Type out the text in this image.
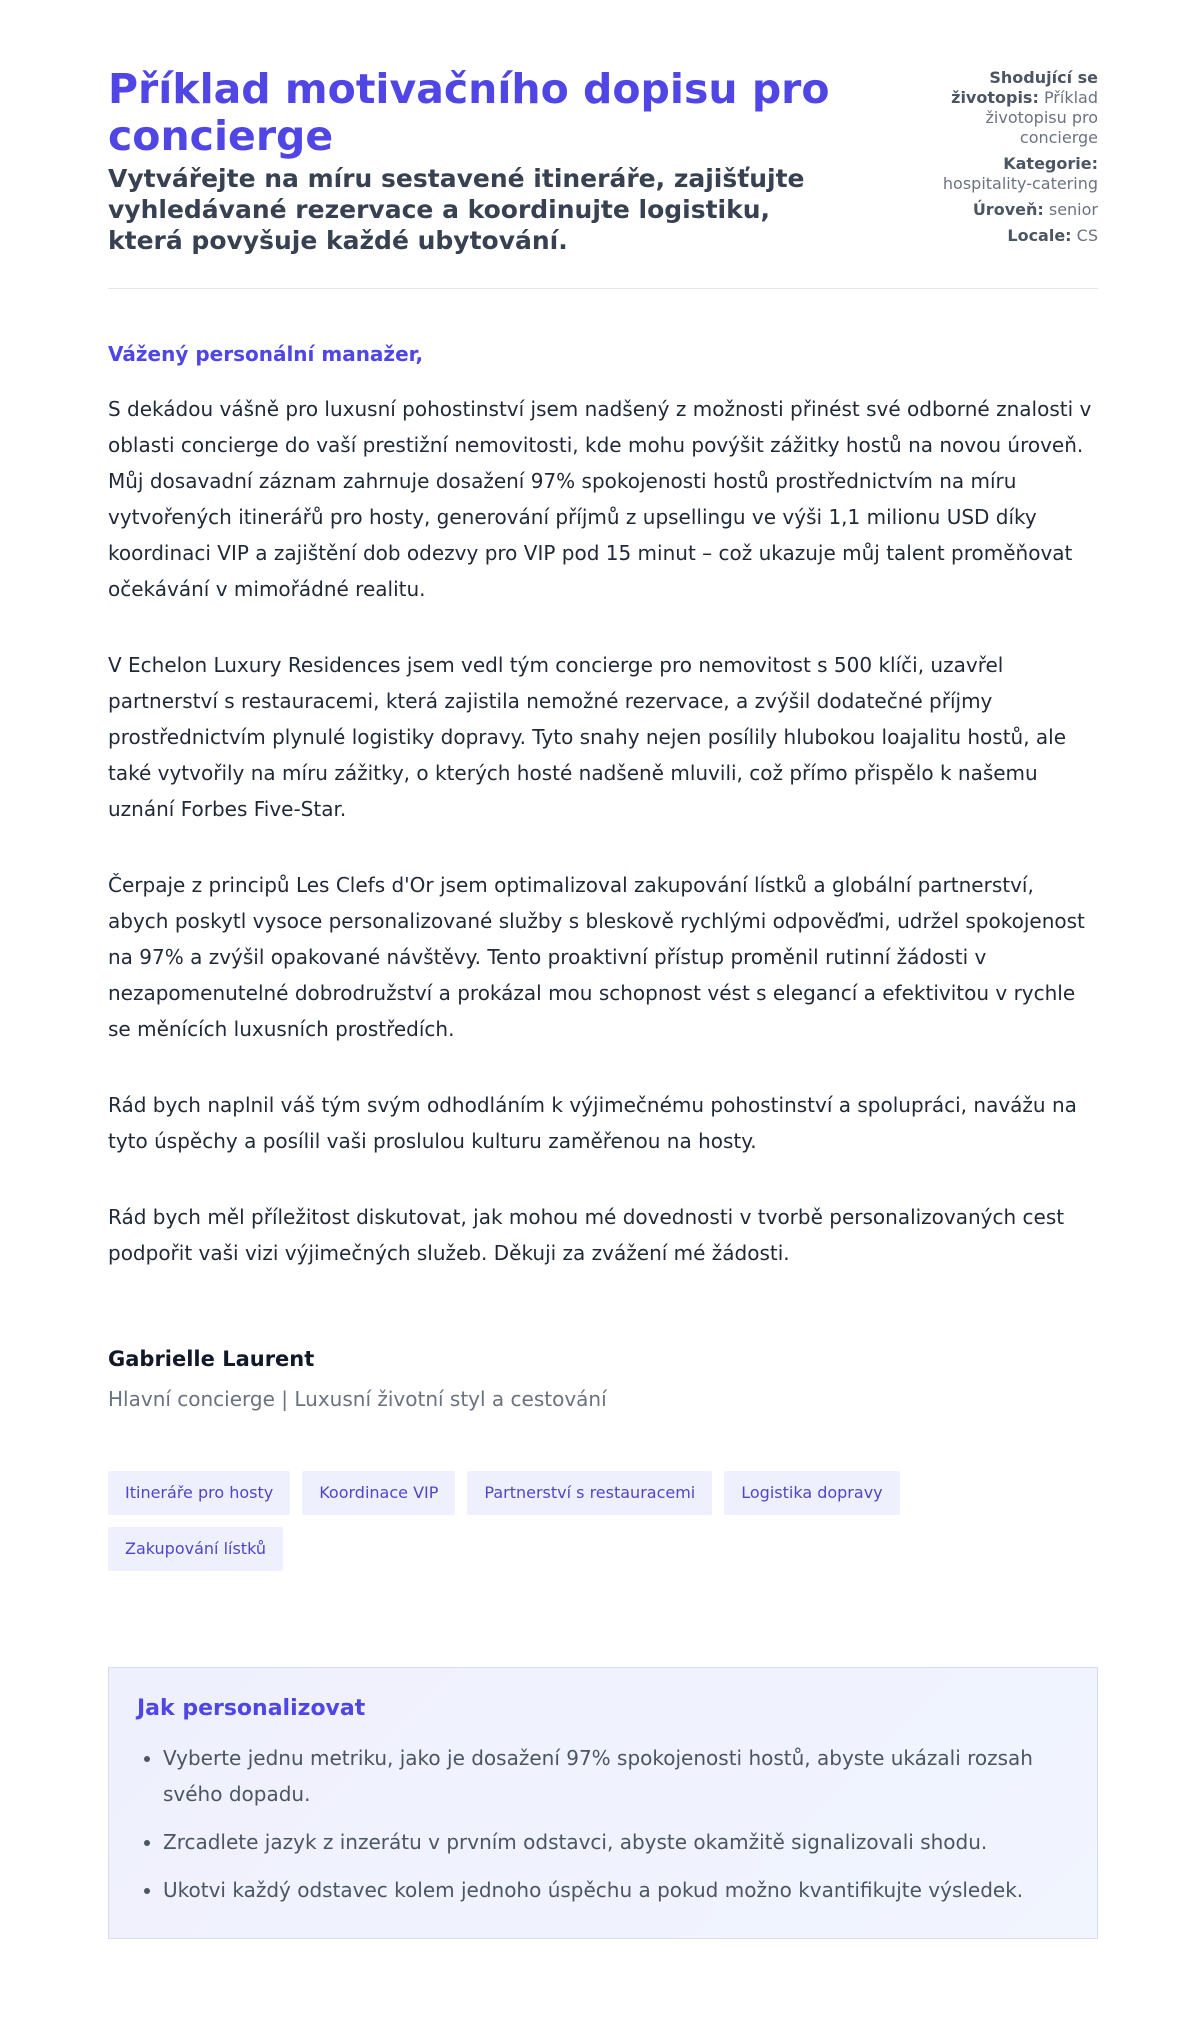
Příklad motivačního dopisu pro concierge
Vytvářejte na míru sestavené itineráře, zajišťujte vyhledávané rezervace a koordinujte logistiku, která povyšuje každé ubytování.
Shodující se životopis: Příklad životopisu pro concierge
Kategorie: hospitality-catering
Úroveň: senior
Locale: CS

Vážený personální manažer,

S dekádou vášně pro luxusní pohostinství jsem nadšený z možnosti přinést své odborné znalosti v oblasti concierge do vaší prestižní nemovitosti, kde mohu povýšit zážitky hostů na novou úroveň. Můj dosavadní záznam zahrnuje dosažení 97% spokojenosti hostů prostřednictvím na míru vytvořených itinerářů pro hosty, generování příjmů z upsellingu ve výši 1,1 milionu USD díky koordinaci VIP a zajištění dob odezvy pro VIP pod 15 minut – což ukazuje můj talent proměňovat očekávání v mimořádné realitu.

V Echelon Luxury Residences jsem vedl tým concierge pro nemovitost s 500 klíči, uzavřel partnerství s restauracemi, která zajistila nemožné rezervace, a zvýšil dodatečné příjmy prostřednictvím plynulé logistiky dopravy. Tyto snahy nejen posílily hlubokou loajalitu hostů, ale také vytvořily na míru zážitky, o kterých hosté nadšeně mluvili, což přímo přispělo k našemu uznání Forbes Five-Star.

Čerpaje z principů Les Clefs d'Or jsem optimalizoval zakupování lístků a globální partnerství, abych poskytl vysoce personalizované služby s bleskově rychlými odpověďmi, udržel spokojenost na 97% a zvýšil opakované návštěvy. Tento proaktivní přístup proměnil rutinní žádosti v nezapomenutelné dobrodružství a prokázal mou schopnost vést s elegancí a efektivitou v rychle se měnících luxusních prostředích.

Rád bych naplnil váš tým svým odhodláním k výjimečnému pohostinství a spolupráci, navážu na tyto úspěchy a posílil vaši proslulou kulturu zaměřenou na hosty.

Rád bych měl příležitost diskutovat, jak mohou mé dovednosti v tvorbě personalizovaných cest podpořit vaši vizi výjimečných služeb. Děkuji za zvážení mé žádosti.

Gabrielle Laurent

Hlavní concierge | Luxusní životní styl a cestování

Itineráře pro hosty	Koordinace VIP	Partnerství s restauracemi	Logistika dopravy
Zakupování lístků
Jak personalizovat
• Vyberte jednu metriku, jako je dosažení 97% spokojenosti hostů, abyste ukázali rozsah svého dopadu.
• Zrcadlete jazyk z inzerátu v prvním odstavci, abyste okamžitě signalizovali shodu.
• Ukotvi každý odstavec kolem jednoho úspěchu a pokud možno kvantifikujte výsledek.
